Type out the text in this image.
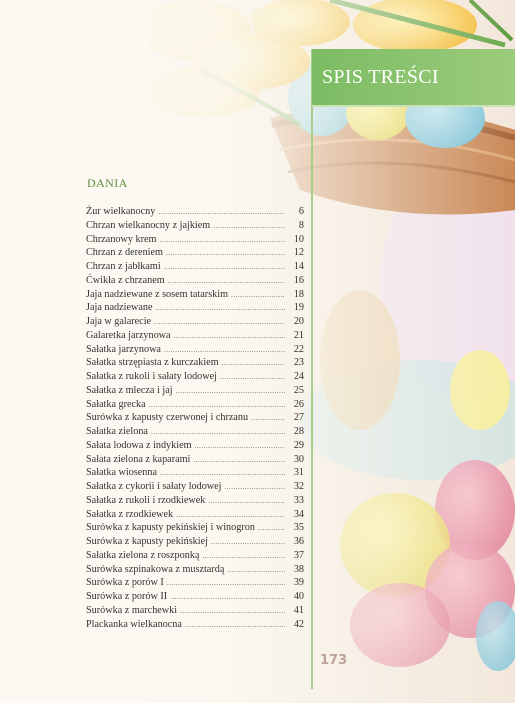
SPIS TREŚCI
DANIA
Żur wielkanocny .....	6
Chrzan wielkanocny z jajkiem .....	8
Chrzanowy krem .....	10
Chrzan z dereniem .....	12
Chrzan z jabłkami .....	14
Ćwikła z chrzanem .....	16
Jaja nadziewane z sosem tatarskim .....	18
Jaja nadziewane .....	19
Jaja w galarecie .....	20
Galaretka jarzynowa .....	21
Sałatka jarzynowa .....	22
Sałatka strzępiasta z kurczakiem .....	23
Sałatka z rukoli i sałaty lodowej .....	24
Sałatka z mlecza i jaj .....	25
Sałatka grecka .....	26
Surówka z kapusty czerwonej i chrzanu .....	27
Sałatka zielona .....	28
Sałata lodowa z indykiem .....	29
Sałata zielona z kaparami .....	30
Sałatka wiosenna .....	31
Sałatka z cykorii i sałaty lodowej .....	32
Sałatka z rukoli i rzodkiewek .....	33
Sałatka z rzodkiewek .....	34
Surówka z kapusty pekińskiej i winogron .....	35
Surówka z kapusty pekińskiej .....	36
Sałatka zielona z roszponką .....	37
Surówka szpinakowa z musztardą .....	38
Surówka z porów I .....	39
Surówka z porów II .....	40
Surówka z marchewki .....	41
Plackanka wielkanocna .....	42
173
